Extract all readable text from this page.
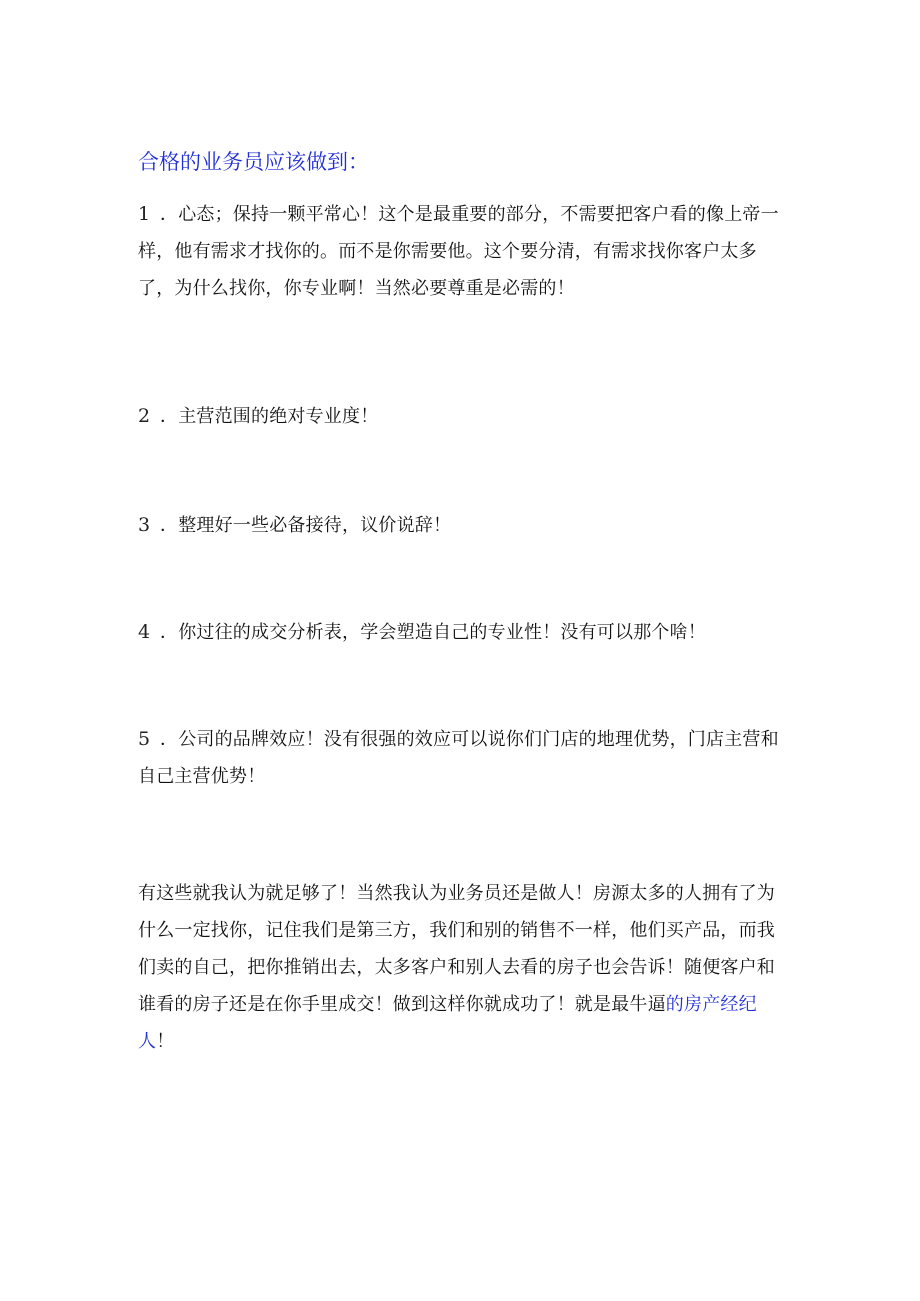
合格的业务员应该做到：
1 ．心态；保持一颗平常心！这个是最重要的部分，不需要把客户看的像上帝一样，他有需求才找你的。而不是你需要他。这个要分清，有需求找你客户太多了，为什么找你，你专业啊！当然必要尊重是必需的！
2 ．主营范围的绝对专业度！
3 ．整理好一些必备接待，议价说辞！
4 ．你过往的成交分析表，学会塑造自己的专业性！没有可以那个啥！
5 ．公司的品牌效应！没有很强的效应可以说你们门店的地理优势，门店主营和自己主营优势！
有这些就我认为就足够了！当然我认为业务员还是做人！房源太多的人拥有了为什么一定找你，记住我们是第三方，我们和别的销售不一样，他们买产品，而我们卖的自己，把你推销出去，太多客户和别人去看的房子也会告诉！随便客户和谁看的房子还是在你手里成交！做到这样你就成功了！就是最牛逼的房产经纪人！
